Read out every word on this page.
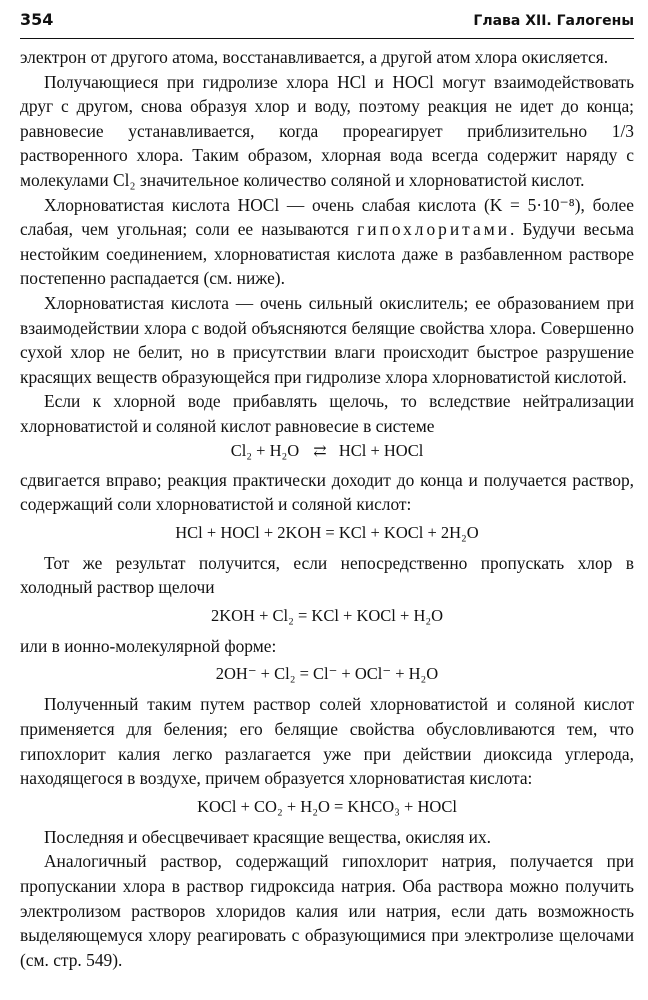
354	Глава XII. Галогены

электрон от другого атома, восстанавливается, а другой атом хлора окисляется.

Получающиеся при гидролизе хлора HCl и HOCl могут взаимодействовать друг с другом, снова образуя хлор и воду, поэтому реакция не идет до конца; равновесие устанавливается, когда прореагирует приблизительно 1/3 растворенного хлора. Таким образом, хлорная вода всегда содержит наряду с молекулами Cl₂ значительное количество соляной и хлорноватистой кислот.

Хлорноватистая кислота HOCl — очень слабая кислота (K = 5·10⁻⁸), более слабая, чем угольная; соли ее называются гипохлоритами. Будучи весьма нестойким соединением, хлорноватистая кислота даже в разбавленном растворе постепенно распадается (см. ниже).

Хлорноватистая кислота — очень сильный окислитель; ее образованием при взаимодействии хлора с водой объясняются белящие свойства хлора. Совершенно сухой хлор не белит, но в присутствии влаги происходит быстрое разрушение красящих веществ образующейся при гидролизе хлора хлорноватистой кислотой.

Если к хлорной воде прибавлять щелочь, то вследствие нейтрализации хлорноватистой и соляной кислот равновесие в системе

Cl₂ + H₂O ⇄ HCl + HOCl

сдвигается вправо; реакция практически доходит до конца и получается раствор, содержащий соли хлорноватистой и соляной кислот:

HCl + HOCl + 2KOH = KCl + KOCl + 2H₂O

Тот же результат получится, если непосредственно пропускать хлор в холодный раствор щелочи

2KOH + Cl₂ = KCl + KOCl + H₂O

или в ионно-молекулярной форме:

2OH⁻ + Cl₂ = Cl⁻ + OCl⁻ + H₂O

Полученный таким путем раствор солей хлорноватистой и соляной кислот применяется для беления; его белящие свойства обусловливаются тем, что гипохлорит калия легко разлагается уже при действии диоксида углерода, находящегося в воздухе, причем образуется хлорноватистая кислота:

KOCl + CO₂ + H₂O = KHCO₃ + HOCl

Последняя и обесцвечивает красящие вещества, окисляя их.

Аналогичный раствор, содержащий гипохлорит натрия, получается при пропускании хлора в раствор гидроксида натрия. Оба раствора можно получить электролизом растворов хлоридов калия или натрия, если дать возможность выделяющемуся хлору реагировать с образующимися при электролизе щелочами (см. стр. 549).
